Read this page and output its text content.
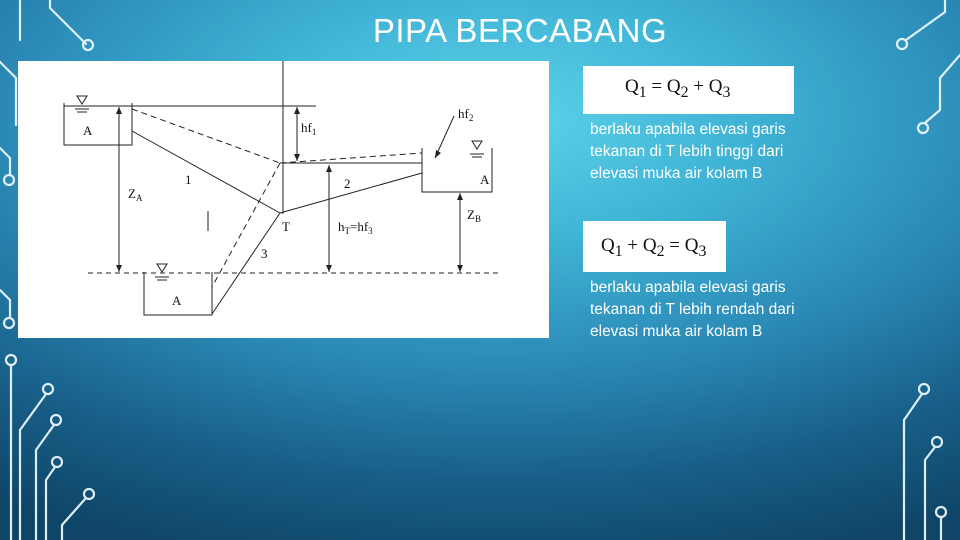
PIPA BERCABANG
A
A
A
$hf_1$
$hf_2$
$Z_A$
$Z_B$
1	2
3
T	$h_T=hf_3$
$Q_1 = Q_2 + Q_3$
berlaku apabila elevasi garis
tekanan di T lebih tinggi dari
elevasi muka air kolam B
$Q_1 + Q_2 = Q_3$
berlaku apabila elevasi garis
tekanan di T lebih rendah dari
elevasi muka air kolam B
